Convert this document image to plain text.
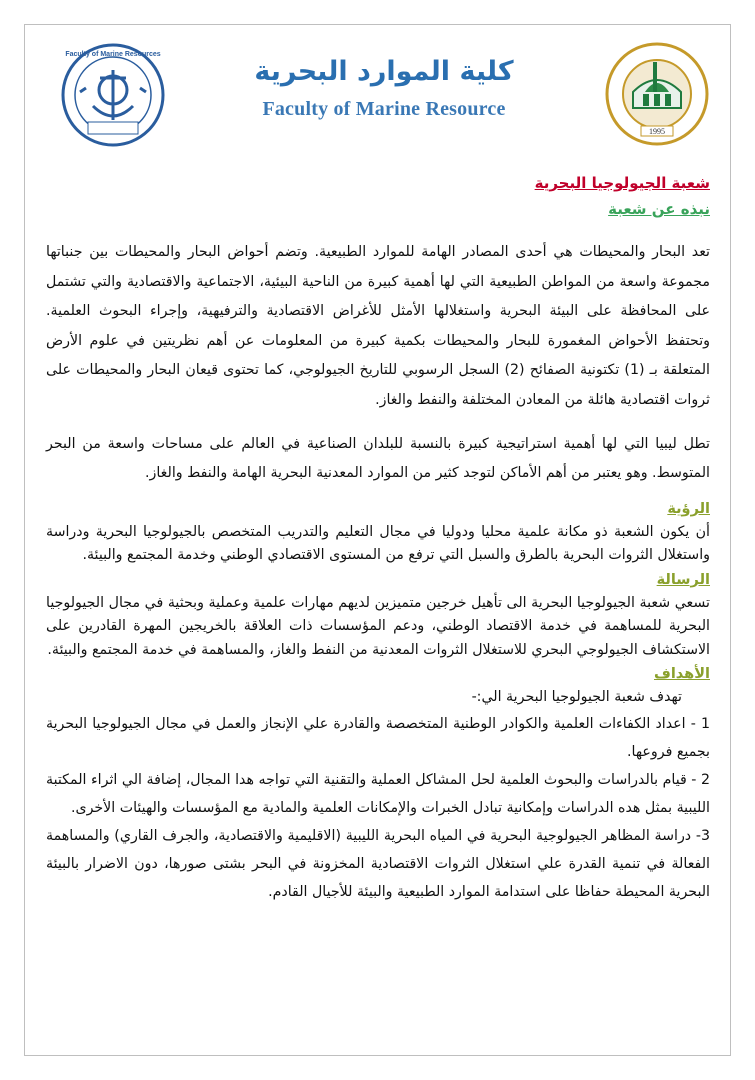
Faculty of Marine Resources
كلية الموارد البحرية
Faculty of Marine Resource
1995
شعبة الجيولوجيا البحرية
نبذه عن شعبة

تعد البحار والمحيطات هي أحدى المصادر الهامة للموارد الطبيعية. وتضم أحواض البحار والمحيطات بين جنباتها مجموعة واسعة من المواطن الطبيعية التي لها أهمية كبيرة من الناحية البيئية، الاجتماعية والاقتصادية والتي تشتمل على المحافظة على البيئة البحرية واستغلالها الأمثل للأغراض الاقتصادية والترفيهية، وإجراء البحوث العلمية. وتحتفظ الأحواض المغمورة للبحار والمحيطات بكمية كبيرة من المعلومات عن أهم نظريتين في علوم الأرض المتعلقة بـ (1) تكتونية الصفائح (2) السجل الرسوبي للتاريخ الجيولوجي، كما تحتوى قيعان البحار والمحيطات على ثروات اقتصادية هائلة من المعادن المختلفة والنفط والغاز.

تطل ليبيا التي لها أهمية استراتيجية كبيرة بالنسبة للبلدان الصناعية في العالم على مساحات واسعة من البحر المتوسط. وهو يعتبر من أهم الأماكن لتوجد كثير من الموارد المعدنية البحرية الهامة والنفط والغاز.

الرؤية

أن يكون الشعبة ذو مكانة علمية محليا ودوليا في مجال التعليم والتدريب المتخصص بالجيولوجيا البحرية ودراسة واستغلال الثروات البحرية بالطرق والسبل التي ترفع من المستوى الاقتصادي الوطني وخدمة المجتمع والبيئة.

الرسالة

تسعي شعبة الجيولوجيا البحرية الى تأهيل خرجين متميزين لديهم مهارات علمية وعملية وبحثية في مجال الجيولوجيا البحرية للمساهمة في خدمة الاقتصاد الوطني، ودعم المؤسسات ذات العلاقة بالخريجين المهرة القادرين على الاستكشاف الجيولوجي البحري للاستغلال الثروات المعدنية من النفط والغاز، والمساهمة في خدمة المجتمع والبيئة.

الأهداف

تهدف شعبة الجيولوجيا البحرية الي:-

1 - اعداد الكفاءات العلمية والكوادر الوطنية المتخصصة والقادرة علي الإنجاز والعمل في مجال الجيولوجيا البحرية بجميع فروعها.

2 - قيام بالدراسات والبحوث العلمية لحل المشاكل العملية والتقنية التي تواجه هدا المجال، إضافة الي اثراء المكتبة الليبية بمثل هده الدراسات وإمكانية تبادل الخبرات والإمكانات العلمية والمادية مع المؤسسات والهيئات الأخرى.

3- دراسة المظاهر الجيولوجية البحرية في المياه البحرية الليبية (الاقليمية والاقتصادية، والجرف القاري) والمساهمة الفعالة في تنمية القدرة علي استغلال الثروات الاقتصادية المخزونة في البحر بشتى صورها، دون الاضرار بالبيئة البحرية المحيطة حفاظا على استدامة الموارد الطبيعية والبيئة للأجيال القادم.
